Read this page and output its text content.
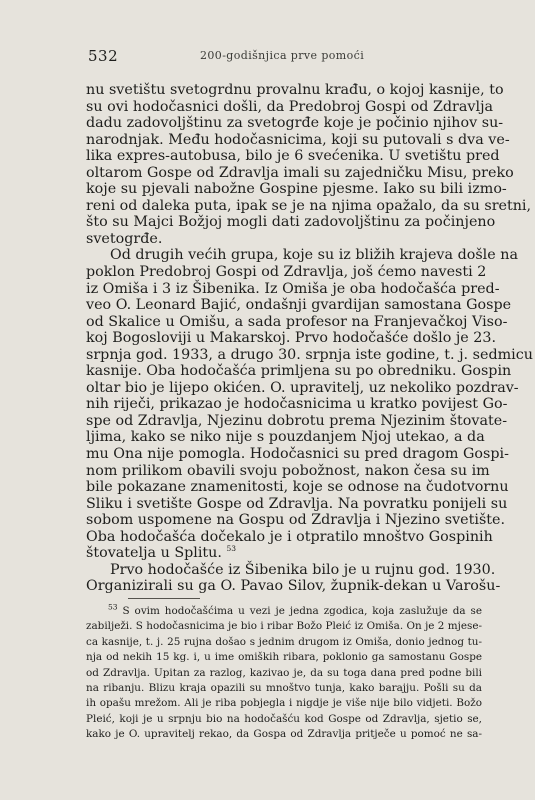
532	200-godišnjica prve pomoći
nu svetištu svetogrdnu provalnu krađu, o kojoj kasnije, to
su ovi hodočasnici došli, da Predobroj Gospi od Zdravlja
dadu zadovoljštinu za svetogrđe koje je počinio njihov su-
narodnjak. Među hodočasnicima, koji su putovali s dva ve-
lika expres-autobusa, bilo je 6 svećenika. U svetištu pred
oltarom Gospe od Zdravlja imali su zajedničku Misu, preko
koje su pjevali nabožne Gospine pjesme. Iako su bili izmo-
reni od daleka puta, ipak se je na njima opažalo, da su sretni,
što su Majci Božjoj mogli dati zadovoljštinu za počinjeno
svetogrđe.
Od drugih većih grupa, koje su iz bližih krajeva došle na
poklon Predobroj Gospi od Zdravlja, još ćemo navesti 2
iz Omiša i 3 iz Šibenika. Iz Omiša je oba hodočašća pred-
veo O. Leonard Bajić, ondašnji gvardijan samostana Gospe
od Skalice u Omišu, a sada profesor na Franjevačkoj Viso-
koj Bogosloviji u Makarskoj. Prvo hodočašće došlo je 23.
srpnja god. 1933, a drugo 30. srpnja iste godine, t. j. sedmicu
kasnije. Oba hodočašća primljena su po obredniku. Gospin
oltar bio je lijepo okićen. O. upravitelj, uz nekoliko pozdrav-
nih riječi, prikazao je hodočasnicima u kratko povijest Go-
spe od Zdravlja, Njezinu dobrotu prema Njezinim štovate-
ljima, kako se niko nije s pouzdanjem Njoj utekao, a da
mu Ona nije pomogla. Hodočasnici su pred dragom Gospi-
nom prilikom obavili svoju pobožnost, nakon česa su im
bile pokazane znamenitosti, koje se odnose na čudotvornu
Sliku i svetište Gospe od Zdravlja. Na povratku ponijeli su
sobom uspomene na Gospu od Zdravlja i Njezino svetište.
Oba hodočašća dočekalo je i otpratilo mnoštvo Gospinih
štovatelja u Splitu. $^{53}$
Prvo hodočašće iz Šibenika bilo je u rujnu god. 1930.
Organizirali su ga O. Pavao Silov, župnik-dekan u Varošu-
$^{53}$ S ovim hodočašćima u vezi je jedna zgodica, koja zaslužuje da se
zabilježi. S hodočasnicima je bio i ribar Božo Pleić iz Omiša. On je 2 mjese-
ca kasnije, t. j. 25 rujna došao s jednim drugom iz Omiša, donio jednog tu-
nja od nekih 15 kg. i, u ime omiških ribara, poklonio ga samostanu Gospe
od Zdravlja. Upitan za razlog, kazivao je, da su toga dana pred podne bili
na ribanju. Blizu kraja opazili su mnoštvo tunja, kako barajju. Pošli su da
ih opašu mrežom. Ali je riba pobjegla i nigdje je više nije bilo vidjeti. Božo
Pleić, koji je u srpnju bio na hodočašću kod Gospe od Zdravlja, sjetio se,
kako je O. upravitelj rekao, da Gospa od Zdravlja pritječe u pomoć ne sa-
